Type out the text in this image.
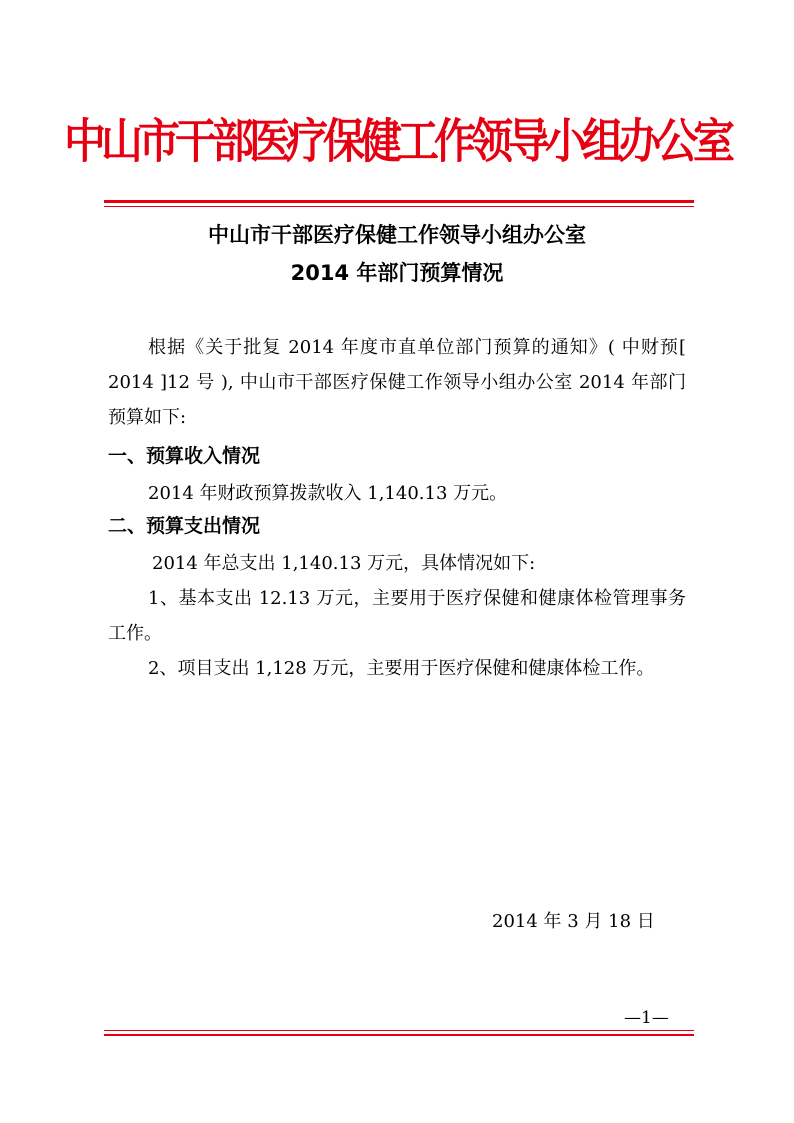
中山市干部医疗保健工作领导小组办公室
中山市干部医疗保健工作领导小组办公室
2014 年部门预算情况
根据《关于批复 2014 年度市直单位部门预算的通知》( 中财预[ 2014 ]12 号 ), 中山市干部医疗保健工作领导小组办公室 2014 年部门预算如下:
一、预算收入情况
2014 年财政预算拨款收入 1,140.13 万元。
二、预算支出情况
2014 年总支出 1,140.13 万元，具体情况如下:
1、基本支出 12.13 万元，主要用于医疗保健和健康体检管理事务工作。
2、项目支出 1,128 万元，主要用于医疗保健和健康体检工作。
2014 年 3 月 18 日
—1—
